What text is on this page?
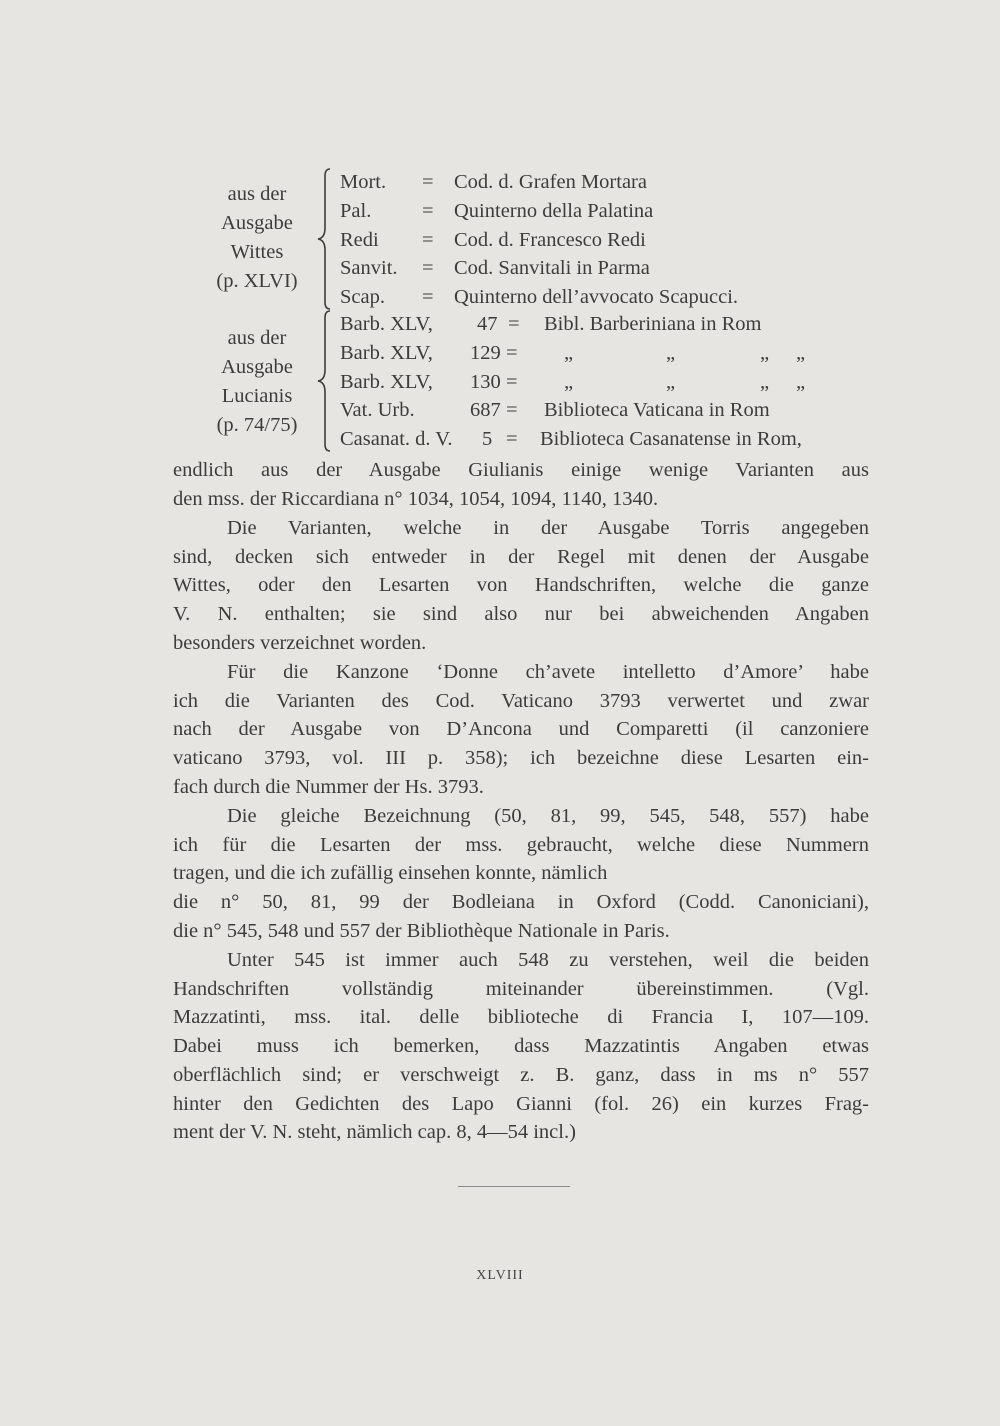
aus der
Ausgabe
Wittes
(p. XLVI)
Mort. = Cod. d. Grafen Mortara
Pal. = Quinterno della Palatina
Redi = Cod. d. Francesco Redi
Sanvit. = Cod. Sanvitali in Parma
Scap. = Quinterno dell’avvocato Scapucci.
aus der
Ausgabe
Lucianis
(p. 74/75)
Barb. XLV, 47 = Bibl. Barberiniana in Rom
Barb. XLV, 129 = „	„	„ „
Barb. XLV, 130 = „	„	„ „
Vat. Urb.	687 = Biblioteca Vaticana in Rom
Casanat. d. V. 5 = Biblioteca Casanatense in Rom,
endlich aus der Ausgabe Giulianis einige wenige Varianten aus
den mss. der Riccardiana n° 1034, 1054, 1094, 1140, 1340.
Die Varianten, welche in der Ausgabe Torris angegeben
sind, decken sich entweder in der Regel mit denen der Ausgabe
Wittes, oder den Lesarten von Handschriften, welche die ganze
V. N. enthalten; sie sind also nur bei abweichenden Angaben
besonders verzeichnet worden.
Für die Kanzone ‘Donne ch’avete intelletto d’Amore’ habe
ich die Varianten des Cod. Vaticano 3793 verwertet und zwar
nach der Ausgabe von D’Ancona und Comparetti (il canzoniere
vaticano 3793, vol. III p. 358); ich bezeichne diese Lesarten ein-
fach durch die Nummer der Hs. 3793.
Die gleiche Bezeichnung (50, 81, 99, 545, 548, 557) habe
ich für die Lesarten der mss. gebraucht, welche diese Nummern
tragen, und die ich zufällig einsehen konnte, nämlich
die n° 50, 81, 99 der Bodleiana in Oxford (Codd. Canoniciani),
die n° 545, 548 und 557 der Bibliothèque Nationale in Paris.
Unter 545 ist immer auch 548 zu verstehen, weil die beiden
Handschriften vollständig miteinander übereinstimmen. (Vgl.
Mazzatinti, mss. ital. delle biblioteche di Francia I, 107—109.
Dabei muss ich bemerken, dass Mazzatintis Angaben etwas
oberflächlich sind; er verschweigt z. B. ganz, dass in ms n° 557
hinter den Gedichten des Lapo Gianni (fol. 26) ein kurzes Frag-
ment der V. N. steht, nämlich cap. 8, 4—54 incl.)
XLVIII
